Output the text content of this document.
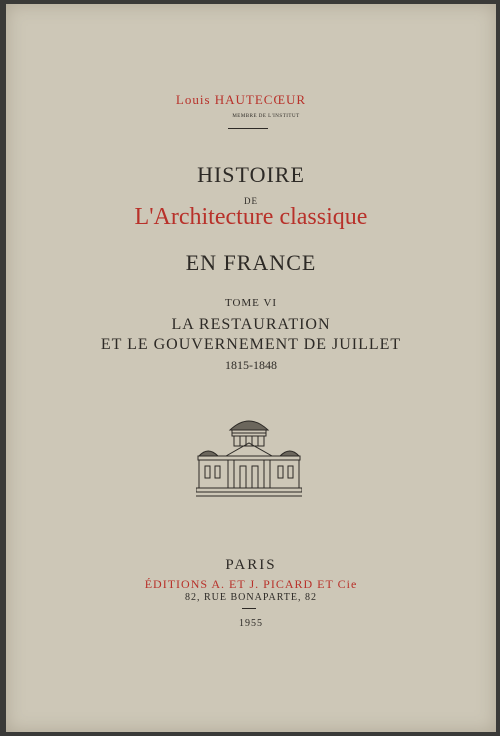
Louis HAUTECŒUR
MEMBRE DE L'INSTITUT
HISTOIRE
DE
L'Architecture classique
EN FRANCE
TOME VI
LA RESTAURATION
ET LE GOUVERNEMENT DE JUILLET
1815-1848
PARIS
ÉDITIONS A. ET J. PICARD ET Cie
82, RUE BONAPARTE, 82
1955
